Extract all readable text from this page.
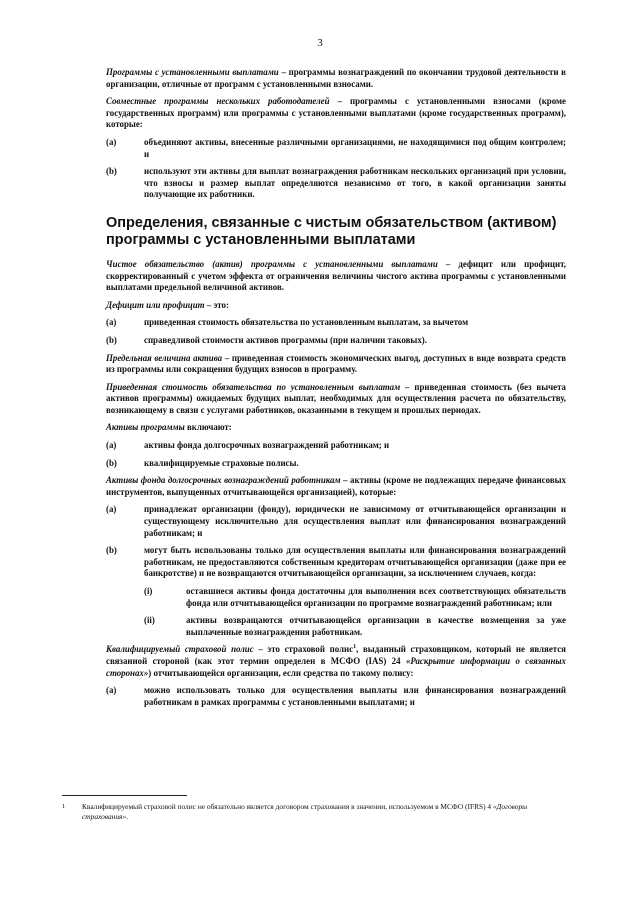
3

Программы с установленными выплатами – программы вознаграждений по окончании трудовой деятельности в организации, отличные от программ с установленными взносами.

Совместные программы нескольких работодателей – программы с установленными взносами (кроме государственных программ) или программы с установленными выплатами (кроме государственных программ), которые:

(a)	объединяют активы, внесенные различными организациями, не находящимися под общим контролем; и
(b)	используют эти активы для выплат вознаграждения работникам нескольких организаций при условии, что взносы и размер выплат определяются независимо от того, в какой организации заняты получающие их работники.
Определения, связанные с чистым обязательством (активом) программы с установленными выплатами

Чистое обязательство (актив) программы с установленными выплатами – дефицит или профицит, скорректированный с учетом эффекта от ограничения величины чистого актива программы с установленными выплатами предельной величиной активов.

Дефицит или профицит – это:

(a)	приведенная стоимость обязательства по установленным выплатам, за вычетом
(b)	справедливой стоимости активов программы (при наличии таковых).

Предельная величина актива – приведенная стоимость экономических выгод, доступных в виде возврата средств из программы или сокращения будущих взносов в программу.

Приведенная стоимость обязательства по установленным выплатам – приведенная стоимость (без вычета активов программы) ожидаемых будущих выплат, необходимых для осуществления расчета по обязательству, возникающему в связи с услугами работников, оказанными в текущем и прошлых периодах.

Активы программы включают:

(a)	активы фонда долгосрочных вознаграждений работникам; и
(b)	квалифицируемые страховые полисы.

Активы фонда долгосрочных вознаграждений работникам – активы (кроме не подлежащих передаче финансовых инструментов, выпущенных отчитывающейся организацией), которые:

(a)	принадлежат организации (фонду), юридически не зависимому от отчитывающейся организации и существующему исключительно для осуществления выплат или финансирования вознаграждений работникам; и
(b)	могут быть использованы только для осуществления выплаты или финансирования вознаграждений работникам, не предоставляются собственным кредиторам отчитывающейся организации (даже при ее банкротстве) и не возвращаются отчитывающейся организации, за исключением случаев, когда:
(i)	оставшиеся активы фонда достаточны для выполнения всех соответствующих обязательств фонда или отчитывающейся организации по программе вознаграждений работникам; или
(ii)	активы возвращаются отчитывающейся организации в качестве возмещения за уже выплаченные вознаграждения работникам.

Квалифицируемый страховой полис – это страховой полис$^1$, выданный страховщиком, который не является связанной стороной (как этот термин определен в МСФО (IAS) 24 «Раскрытие информации о связанных сторонах») отчитывающейся организации, если средства по такому полису:

(a)	можно использовать только для осуществления выплаты или финансирования вознаграждений работникам в рамках программы с установленными выплатами; и
1	Квалифицируемый страховой полис не обязательно является договором страхования в значении, используемом в МСФО (IFRS) 4 «Договоры страхования».
